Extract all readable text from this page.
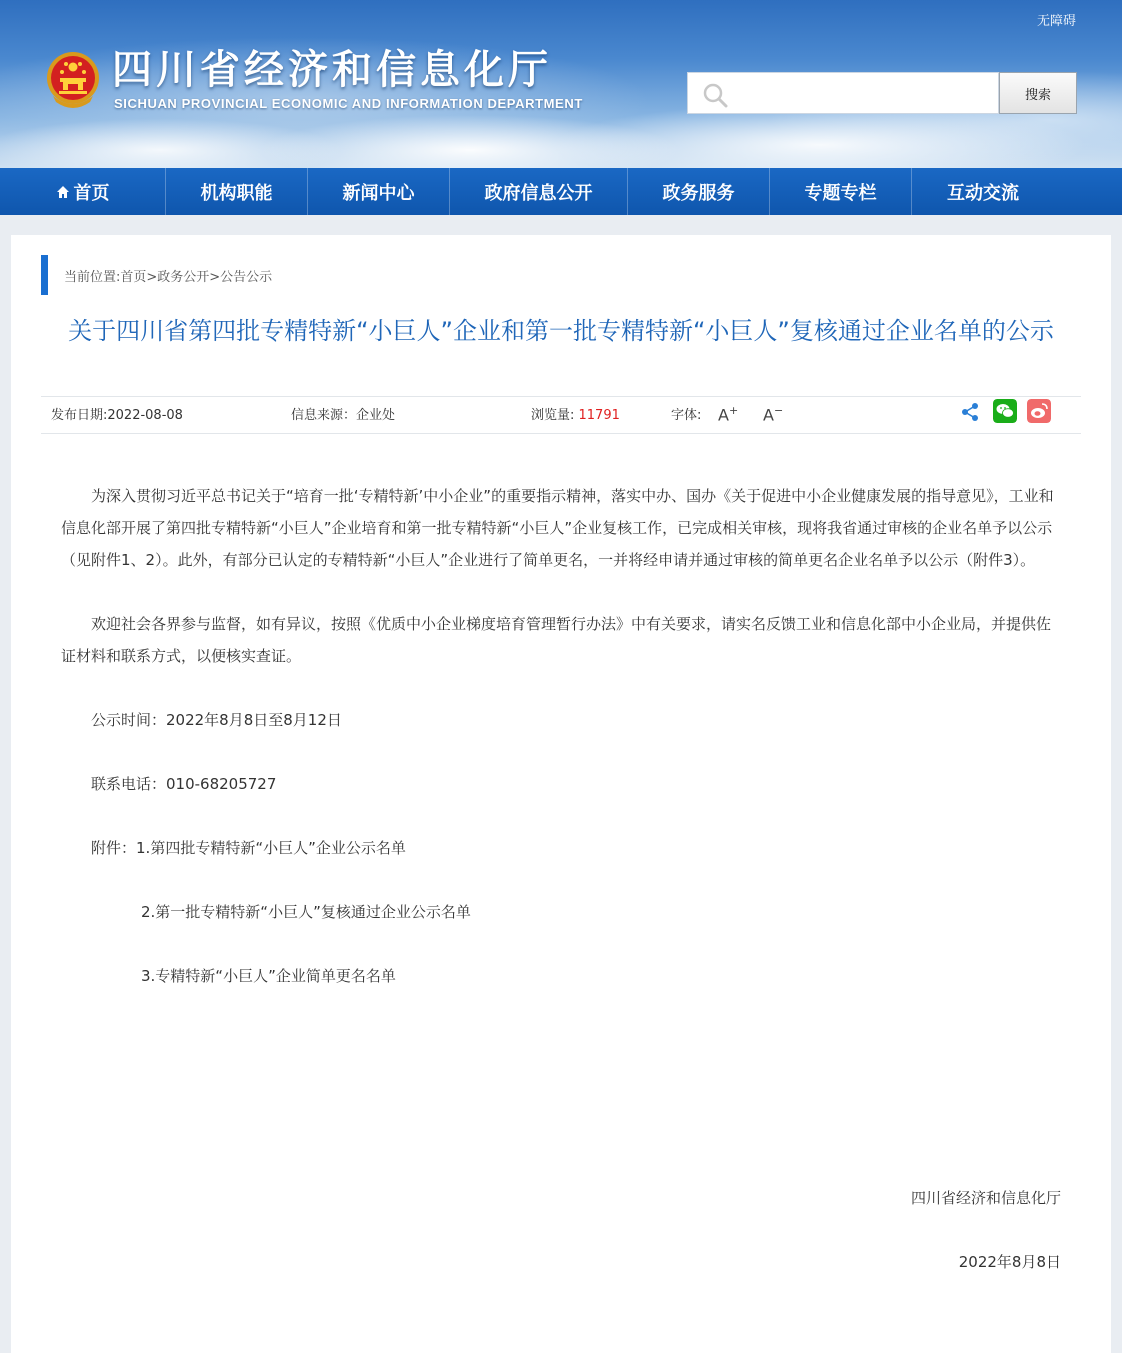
无障碍
四川省经济和信息化厅
SICHUAN PROVINCIAL ECONOMIC AND INFORMATION DEPARTMENT
搜索
首页	机构职能	新闻中心	政府信息公开	政务服务	专题专栏	互动交流
当前位置: 首页>政务公开>公告公示
关于四川省第四批专精特新“小巨人”企业和第一批专精特新“小巨人”复核通过企业名单的公示
发布日期:2022-08-08	信息来源：企业处	浏览量: 11791	字体: A+ A−

为深入贯彻习近平总书记关于“培育一批‘专精特新’中小企业”的重要指示精神，落实中办、国办《关于促进中小企业健康发展的指导意见》，工业和信息化部开展了第四批专精特新“小巨人”企业培育和第一批专精特新“小巨人”企业复核工作，已完成相关审核，现将我省通过审核的企业名单予以公示（见附件1、2）。此外，有部分已认定的专精特新“小巨人”企业进行了简单更名，一并将经申请并通过审核的简单更名企业名单予以公示（附件3）。

欢迎社会各界参与监督，如有异议，按照《优质中小企业梯度培育管理暂行办法》中有关要求，请实名反馈工业和信息化部中小企业局，并提供佐证材料和联系方式，以便核实查证。

公示时间：2022年8月8日至8月12日

联系电话：010-68205727

附件：1.第四批专精特新“小巨人”企业公示名单

2.第一批专精特新“小巨人”复核通过企业公示名单

3.专精特新“小巨人”企业简单更名名单

四川省经济和信息化厅
2022年8月8日
